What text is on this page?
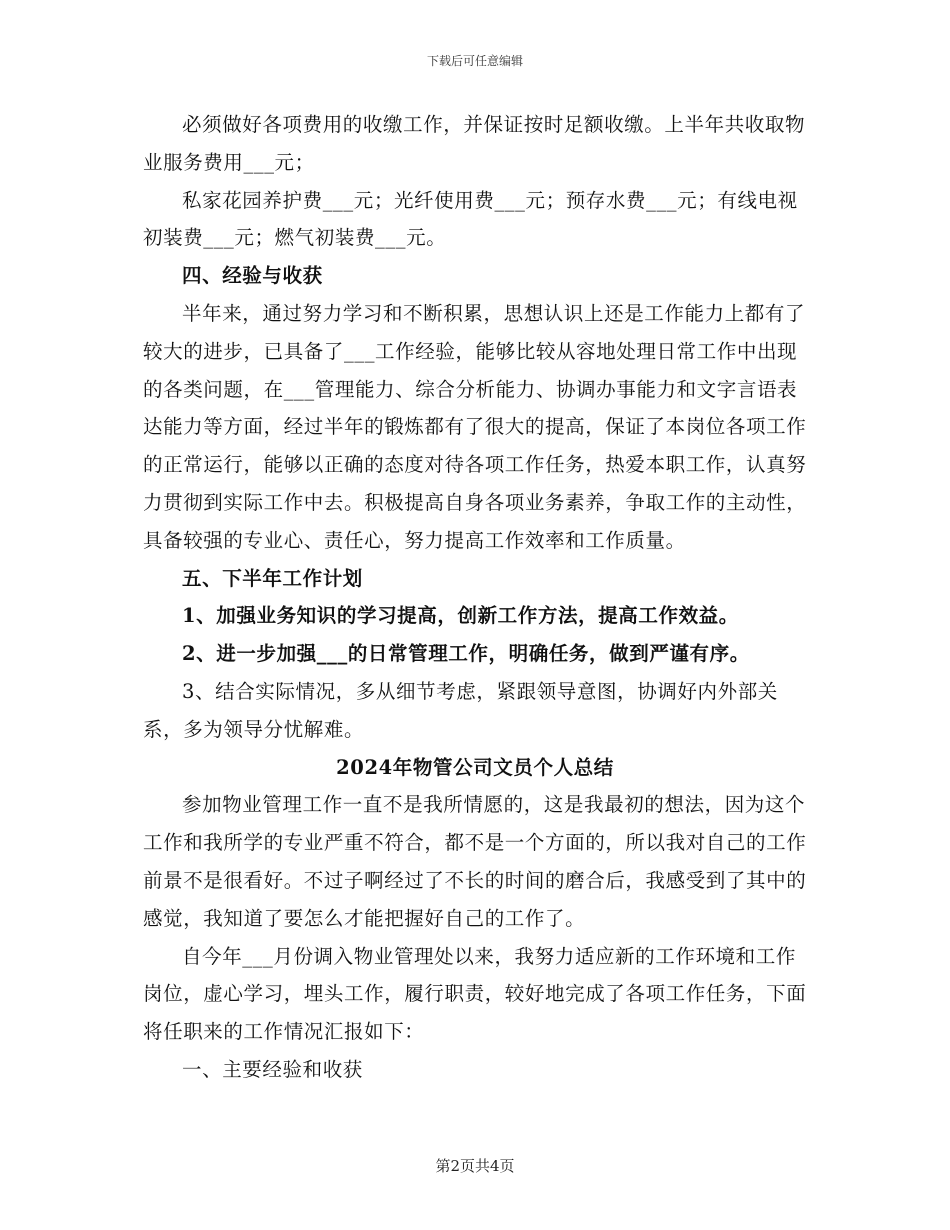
下载后可任意编辑

必须做好各项费用的收缴工作，并保证按时足额收缴。上半年共收取物业服务费用___元；

私家花园养护费___元；光纤使用费___元；预存水费___元；有线电视初装费___元；燃气初装费___元。

四、经验与收获

半年来，通过努力学习和不断积累，思想认识上还是工作能力上都有了较大的进步，已具备了___工作经验，能够比较从容地处理日常工作中出现的各类问题，在___管理能力、综合分析能力、协调办事能力和文字言语表达能力等方面，经过半年的锻炼都有了很大的提高，保证了本岗位各项工作的正常运行，能够以正确的态度对待各项工作任务，热爱本职工作，认真努力贯彻到实际工作中去。积极提高自身各项业务素养，争取工作的主动性，具备较强的专业心、责任心，努力提高工作效率和工作质量。

五、下半年工作计划

1、加强业务知识的学习提高，创新工作方法，提高工作效益。

2、进一步加强___的日常管理工作，明确任务，做到严谨有序。

3、结合实际情况，多从细节考虑，紧跟领导意图，协调好内外部关系，多为领导分忧解难。

2024年物管公司文员个人总结

参加物业管理工作一直不是我所情愿的，这是我最初的想法，因为这个工作和我所学的专业严重不符合，都不是一个方面的，所以我对自己的工作前景不是很看好。不过子啊经过了不长的时间的磨合后，我感受到了其中的感觉，我知道了要怎么才能把握好自己的工作了。

自今年___月份调入物业管理处以来，我努力适应新的工作环境和工作岗位，虚心学习，埋头工作，履行职责，较好地完成了各项工作任务，下面将任职来的工作情况汇报如下：

一、主要经验和收获

第2页共4页
